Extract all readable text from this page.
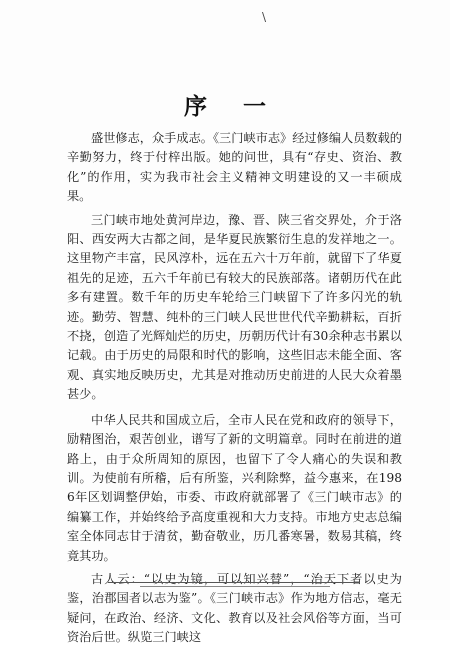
\
序 一

盛世修志，众手成志。《三门峡市志》经过修编人员数载的辛勤努力，终于付梓出版。她的问世，具有“存史、资治、教化”的作用，实为我市社会主义精神文明建设的又一丰硕成果。

三门峡市地处黄河岸边，豫、晋、陕三省交界处，介于洛阳、西安两大古都之间，是华夏民族繁衍生息的发祥地之一。这里物产丰富，民风淳朴，远在五六十万年前，就留下了华夏祖先的足迹，五六千年前已有较大的民族部落。诸朝历代在此多有建置。数千年的历史车轮给三门峡留下了许多闪光的轨迹。勤劳、智慧、纯朴的三门峡人民世世代代辛勤耕耘，百折不挠，创造了光辉灿烂的历史，历朝历代计有30余种志书累以记载。由于历史的局限和时代的影响，这些旧志未能全面、客观、真实地反映历史，尤其是对推动历史前进的人民大众着墨甚少。

中华人民共和国成立后，全市人民在党和政府的领导下，励精图治，艰苦创业，谱写了新的文明篇章。同时在前进的道路上，由于众所周知的原因，也留下了令人痛心的失误和教训。为使前有所稽，后有所鉴，兴利除弊，益今惠来，在1986年区划调整伊始，市委、市政府就部署了《三门峡市志》的编纂工作，并始终给予高度重视和大力支持。市地方史志总编室全体同志甘于清贫，勤奋敬业，历几番寒暑，数易其稿，终竟其功。

古人云：“以史为镜，可以知兴替”，“治天下者以史为鉴，治郡国者以志为鉴”。《三门峡市志》作为地方信志，毫无疑问，在政治、经济、文化、教育以及社会风俗等方面，当可资治后世。纵览三门峡这
